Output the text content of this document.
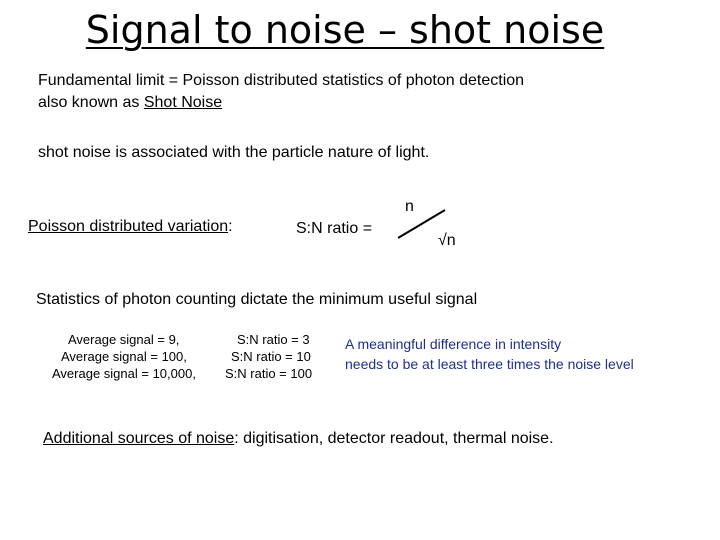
Signal to noise – shot noise
Fundamental limit = Poisson distributed statistics of photon detection
also known as Shot Noise
shot noise is associated with the particle nature of light.
Poisson distributed variation:	S:N ratio =
n
√n
Statistics of photon counting dictate the minimum useful signal
Average signal = 9,	S:N ratio = 3
Average signal = 100,	S:N ratio = 10
Average signal = 10,000, S:N ratio = 100
A meaningful difference in intensity
needs to be at least three times the noise level
Additional sources of noise: digitisation, detector readout, thermal noise.
